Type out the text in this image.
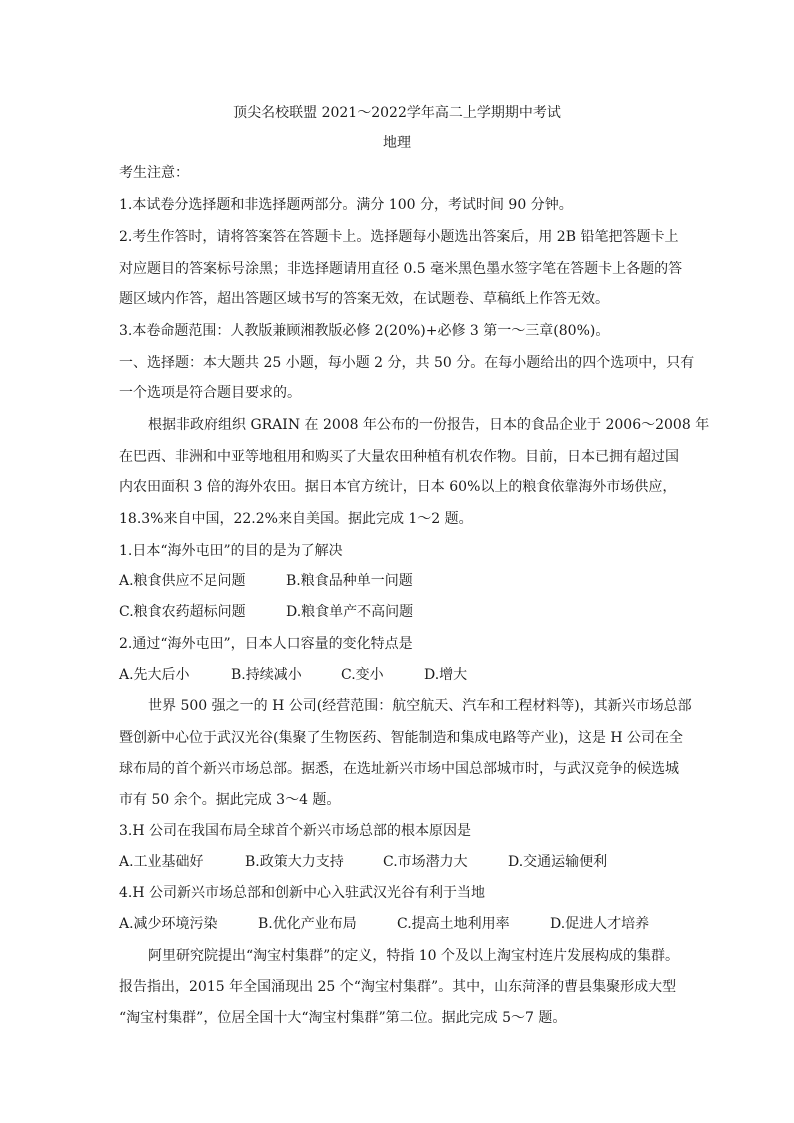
顶尖名校联盟 2021～2022学年高二上学期期中考试
地理
考生注意：
1.本试卷分选择题和非选择题两部分。满分 100 分，考试时间 90 分钟。
2.考生作答时，请将答案答在答题卡上。选择题每小题选出答案后，用 2B 铅笔把答题卡上
对应题目的答案标号涂黑；非选择题请用直径 0.5 毫米黑色墨水签字笔在答题卡上各题的答
题区域内作答，超出答题区域书写的答案无效，在试题卷、草稿纸上作答无效。
3.本卷命题范围：人教版兼顾湘教版必修 2(20%)+必修 3 第一～三章(80%)。
一、选择题：本大题共 25 小题，每小题 2 分，共 50 分。在每小题给出的四个选项中，只有
一个选项是符合题目要求的。
根据非政府组织 GRAIN 在 2008 年公布的一份报告，日本的食品企业于 2006～2008 年
在巴西、非洲和中亚等地租用和购买了大量农田种植有机农作物。目前，日本已拥有超过国
内农田面积 3 倍的海外农田。据日本官方统计，日本 60%以上的粮食依靠海外市场供应，
18.3%来自中国，22.2%来自美国。据此完成 1～2 题。
1.日本“海外屯田”的目的是为了解决
A.粮食供应不足问题	B.粮食品种单一问题
C.粮食农药超标问题	D.粮食单产不高问题
2.通过“海外屯田”，日本人口容量的变化特点是
A.先大后小	B.持续减小	C.变小	D.增大
世界 500 强之一的 H 公司(经营范围：航空航天、汽车和工程材料等)，其新兴市场总部
暨创新中心位于武汉光谷(集聚了生物医药、智能制造和集成电路等产业)，这是 H 公司在全
球布局的首个新兴市场总部。据悉，在选址新兴市场中国总部城市时，与武汉竞争的候选城
市有 50 余个。据此完成 3～4 题。
3.H 公司在我国布局全球首个新兴市场总部的根本原因是
A.工业基础好	B.政策大力支持	C.市场潜力大	D.交通运输便利
4.H 公司新兴市场总部和创新中心入驻武汉光谷有利于当地
A.减少环境污染	B.优化产业布局	C.提高土地利用率	D.促进人才培养
阿里研究院提出“淘宝村集群”的定义，特指 10 个及以上淘宝村连片发展构成的集群。
报告指出，2015 年全国涌现出 25 个“淘宝村集群”。其中，山东菏泽的曹县集聚形成大型
“淘宝村集群”，位居全国十大“淘宝村集群”第二位。据此完成 5～7 题。
